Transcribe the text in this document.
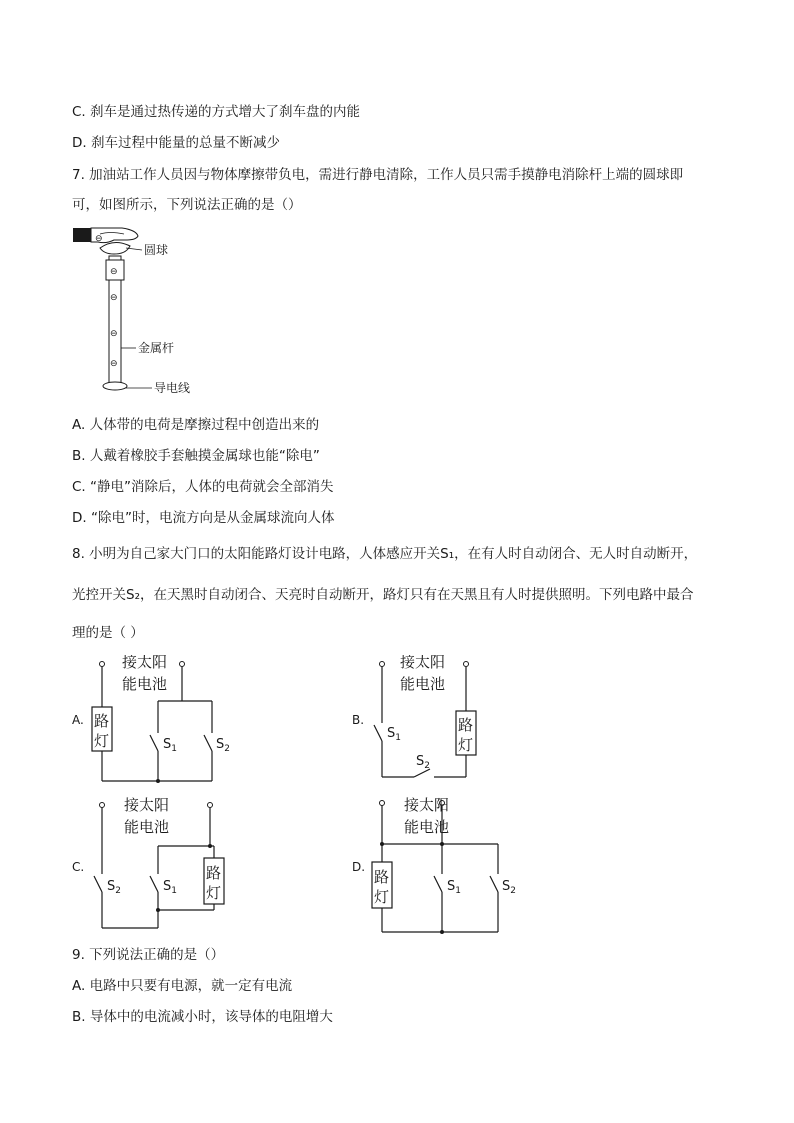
C. 刹车是通过热传递的方式增大了刹车盘的内能
D. 刹车过程中能量的总量不断减少
7. 加油站工作人员因与物体摩擦带负电，需进行静电清除，工作人员只需手摸静电消除杆上端的圆球即
可，如图所示，下列说法正确的是（）
⊖
圆球
⊖
⊖
⊖
⊖
金属杆
导电线
A. 人体带的电荷是摩擦过程中创造出来的
B. 人戴着橡胶手套触摸金属球也能“除电”
C. “静电”消除后，人体的电荷就会全部消失
D. “除电”时，电流方向是从金属球流向人体
8. 小明为自己家大门口的太阳能路灯设计电路，人体感应开关S₁，在有人时自动闭合、无人时自动断开，
光控开关S₂，在天黑时自动闭合、天亮时自动断开，路灯只有在天黑且有人时提供照明。下列电路中最合
理的是（ ）
A.
接太阳
能电池
路
灯	$S_1$	$S_2$
B.
接太阳
能电池
路
灯
$S_1$
$S_2$
C.
接太阳
能电池
路
灯
$S_2$	$S_1$
D.
接太阳
能电池
路
灯
$S_1$	$S_2$
9. 下列说法正确的是（）
A. 电路中只要有电源，就一定有电流
B. 导体中的电流减小时，该导体的电阻增大
